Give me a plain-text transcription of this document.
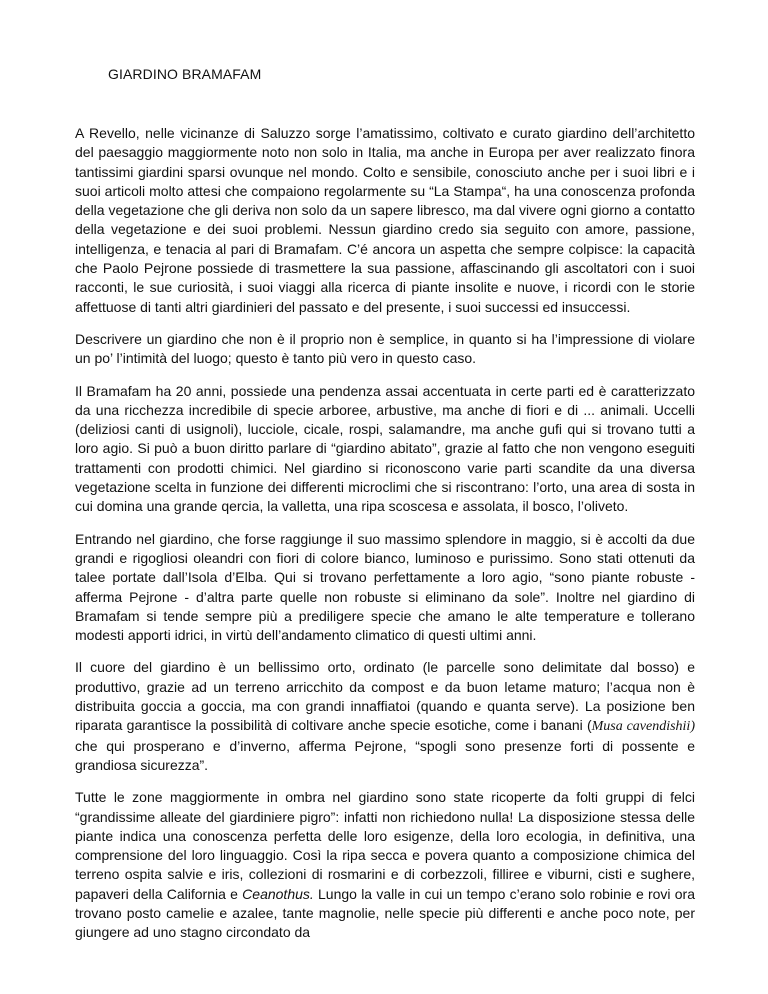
GIARDINO BRAMAFAM

A Revello, nelle vicinanze di Saluzzo sorge l’amatissimo, coltivato e curato giardino dell’architetto del paesaggio maggiormente noto non solo in Italia, ma anche in Europa per aver realizzato finora tantissimi giardini sparsi ovunque nel mondo. Colto e sensibile, conosciuto anche per i suoi libri e i suoi articoli molto attesi che compaiono regolarmente su “La Stampa“, ha una conoscenza profonda della vegetazione che gli deriva non solo da un sapere libresco, ma dal vivere ogni giorno a contatto della vegetazione e dei suoi problemi. Nessun giardino credo sia seguito con amore, passione, intelligenza, e tenacia al pari di Bramafam. C’é ancora un aspetta che sempre colpisce: la capacità che Paolo Pejrone possiede di trasmettere la sua passione, affascinando gli ascoltatori con i suoi racconti, le sue curiosità, i suoi viaggi alla ricerca di piante insolite e nuove, i ricordi con le storie affettuose di tanti altri giardinieri del passato e del presente, i suoi successi ed insuccessi.

Descrivere un giardino che non è il proprio non è semplice, in quanto si ha l’impressione di violare un po’ l’intimità del luogo; questo è tanto più vero in questo caso.

Il Bramafam ha 20 anni, possiede una pendenza assai accentuata in certe parti ed è caratterizzato da una ricchezza incredibile di specie arboree, arbustive, ma anche di fiori e di ... animali. Uccelli (deliziosi canti di usignoli), lucciole, cicale, rospi, salamandre, ma anche gufi qui si trovano tutti a loro agio. Si può a buon diritto parlare di “giardino abitato”, grazie al fatto che non vengono eseguiti trattamenti con prodotti chimici. Nel giardino si riconoscono varie parti scandite da una diversa vegetazione scelta in funzione dei differenti microclimi che si riscontrano: l’orto, una area di sosta in cui domina una grande qercia, la valletta, una ripa scoscesa e assolata, il bosco, l’oliveto.

Entrando nel giardino, che forse raggiunge il suo massimo splendore in maggio, si è accolti da due grandi e rigogliosi oleandri con fiori di colore bianco, luminoso e purissimo. Sono stati ottenuti da talee portate dall’Isola d’Elba. Qui si trovano perfettamente a loro agio, “sono piante robuste - afferma Pejrone - d’altra parte quelle non robuste si eliminano da sole”. Inoltre nel giardino di Bramafam si tende sempre più a prediligere specie che amano le alte temperature e tollerano modesti apporti idrici, in virtù dell’andamento climatico di questi ultimi anni.

Il cuore del giardino è un bellissimo orto, ordinato (le parcelle sono delimitate dal bosso) e produttivo, grazie ad un terreno arricchito da compost e da buon letame maturo; l’acqua non è distribuita goccia a goccia, ma con grandi innaffiatoi (quando e quanta serve). La posizione ben riparata garantisce la possibilità di coltivare anche specie esotiche, come i banani (Musa cavendishii) che qui prosperano e d’inverno, afferma Pejrone, “spogli sono presenze forti di possente e grandiosa sicurezza”.

Tutte le zone maggiormente in ombra nel giardino sono state ricoperte da folti gruppi di felci “grandissime alleate del giardiniere pigro”: infatti non richiedono nulla! La disposizione stessa delle piante indica una conoscenza perfetta delle loro esigenze, della loro ecologia, in definitiva, una comprensione del loro linguaggio. Così la ripa secca e povera quanto a composizione chimica del terreno ospita salvie e iris, collezioni di rosmarini e di corbezzoli, filliree e viburni, cisti e sughere, papaveri della California e Ceanothus. Lungo la valle in cui un tempo c’erano solo robinie e rovi ora trovano posto camelie e azalee, tante magnolie, nelle specie più differenti e anche poco note, per giungere ad uno stagno circondato da
